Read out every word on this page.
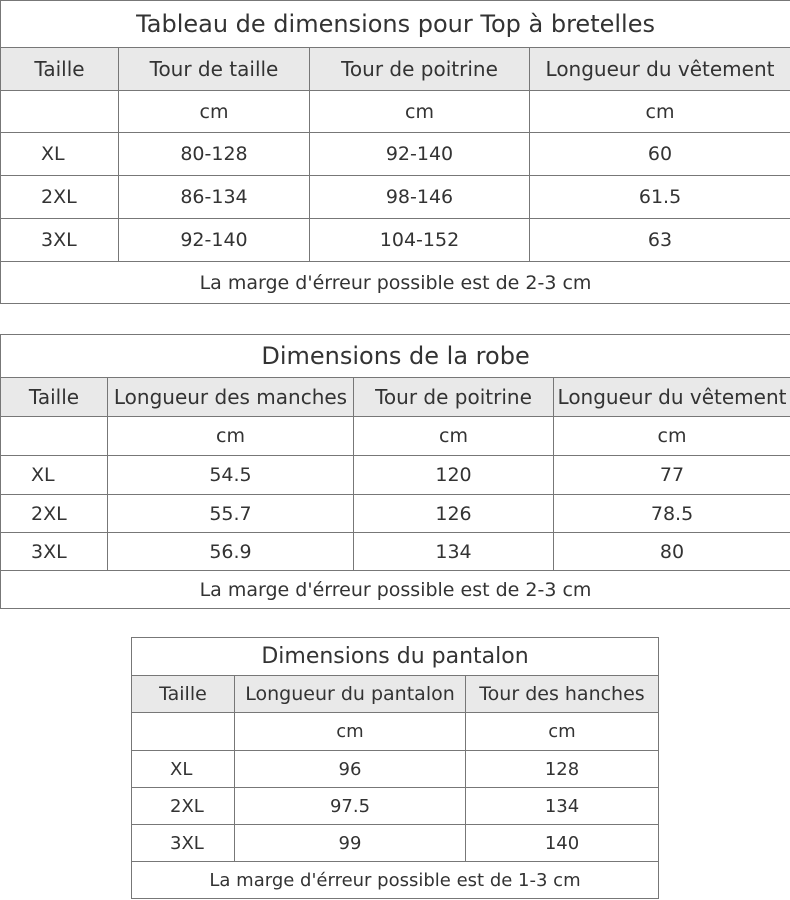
Tableau de dimensions pour Top à bretelles			
Taille	Tour de taille	Tour de poitrine	Longueur du vêtement
	cm	cm	cm
XL	80-128	92-140	60
2XL	86-134	98-146	61.5
3XL	92-140	104-152	63
La marge d'érreur possible est de 2-3 cm			
Dimensions de la robe			
Taille	Longueur des manches	Tour de poitrine	Longueur du vêtement
	cm	cm	cm
XL	54.5	120	77
2XL	55.7	126	78.5
3XL	56.9	134	80
La marge d'érreur possible est de 2-3 cm			
Dimensions du pantalon		
Taille	Longueur du pantalon	Tour des hanches
	cm	cm
XL	96	128
2XL	97.5	134
3XL	99	140
La marge d'érreur possible est de 1-3 cm		
